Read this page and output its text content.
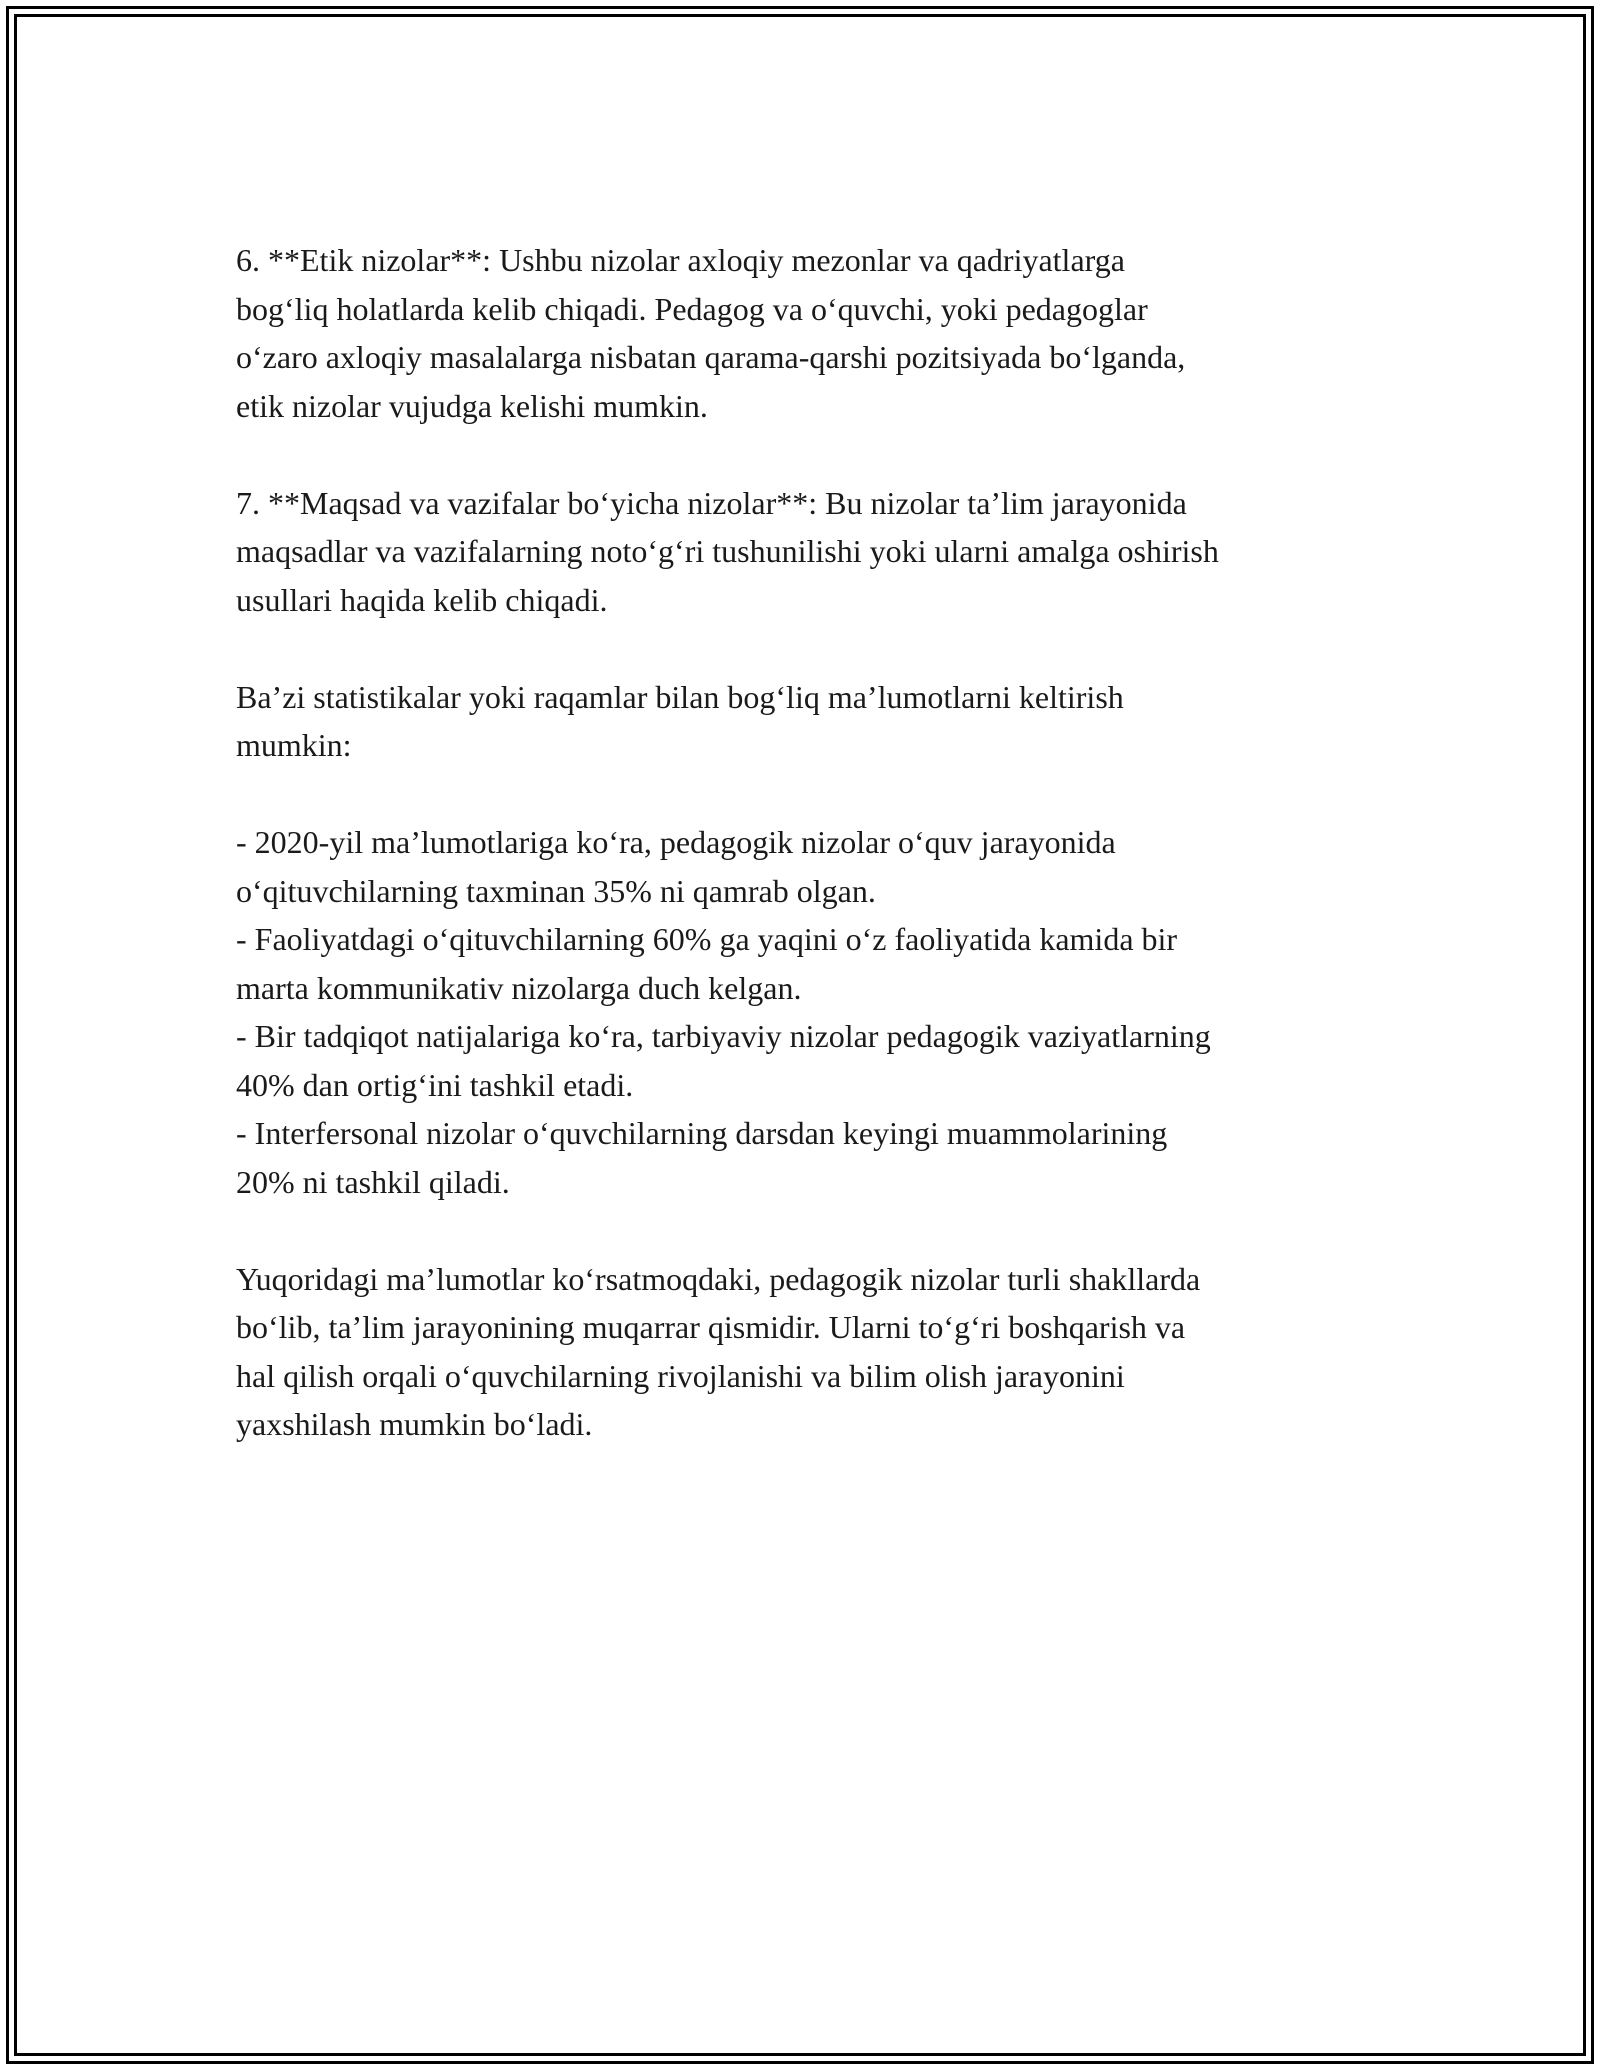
6. **Etik nizolar**: Ushbu nizolar axloqiy mezonlar va qadriyatlarga
bog‘liq holatlarda kelib chiqadi. Pedagog va o‘quvchi, yoki pedagoglar
o‘zaro axloqiy masalalarga nisbatan qarama-qarshi pozitsiyada bo‘lganda,
etik nizolar vujudga kelishi mumkin.
7. **Maqsad va vazifalar bo‘yicha nizolar**: Bu nizolar ta’lim jarayonida
maqsadlar va vazifalarning noto‘g‘ri tushunilishi yoki ularni amalga oshirish
usullari haqida kelib chiqadi.
Ba’zi statistikalar yoki raqamlar bilan bog‘liq ma’lumotlarni keltirish
mumkin:
- 2020-yil ma’lumotlariga ko‘ra, pedagogik nizolar o‘quv jarayonida
o‘qituvchilarning taxminan 35% ni qamrab olgan.
- Faoliyatdagi o‘qituvchilarning 60% ga yaqini o‘z faoliyatida kamida bir
marta kommunikativ nizolarga duch kelgan.
- Bir tadqiqot natijalariga ko‘ra, tarbiyaviy nizolar pedagogik vaziyatlarning
40% dan ortig‘ini tashkil etadi.
- Interfersonal nizolar o‘quvchilarning darsdan keyingi muammolarining
20% ni tashkil qiladi.
Yuqoridagi ma’lumotlar ko‘rsatmoqdaki, pedagogik nizolar turli shakllarda
bo‘lib, ta’lim jarayonining muqarrar qismidir. Ularni to‘g‘ri boshqarish va
hal qilish orqali o‘quvchilarning rivojlanishi va bilim olish jarayonini
yaxshilash mumkin bo‘ladi.
